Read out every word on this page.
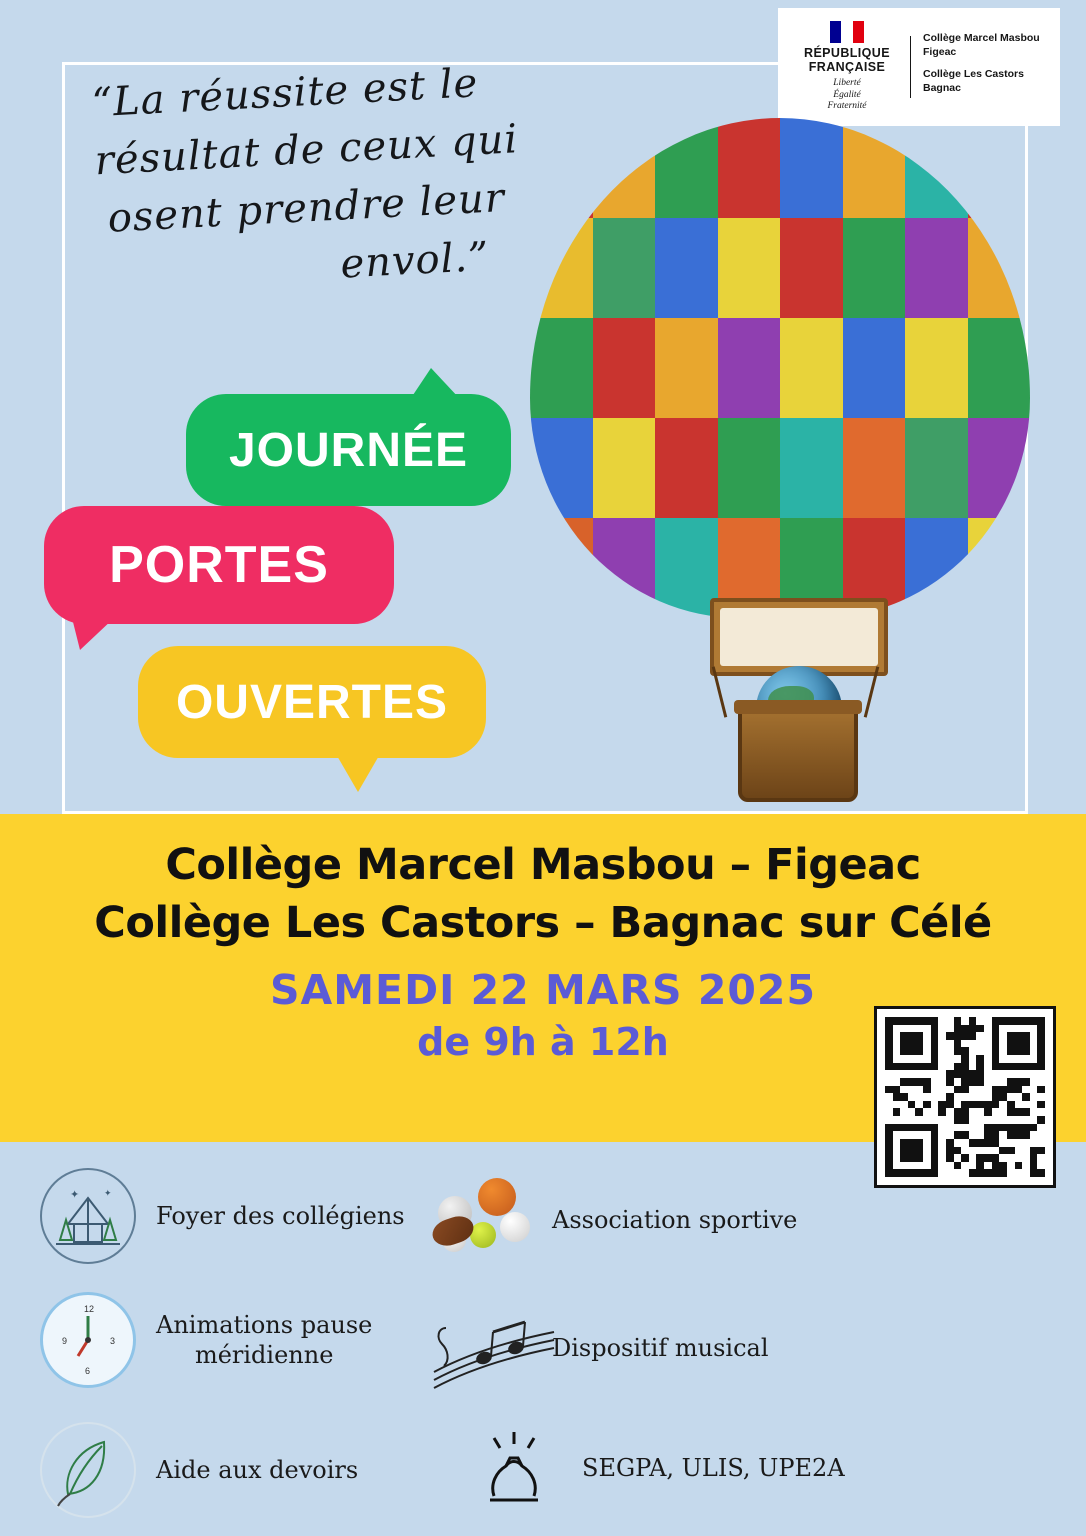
RÉPUBLIQUE
FRANÇAISE
Liberté
Égalité
Fraternité
Collège Marcel Masbou
Figeac
Collège Les Castors
Bagnac
“La réussite est le
résultat de ceux qui
osent prendre leur
envol.”
JOURNÉE
PORTES
OUVERTES
Collège Marcel Masbou – Figeac
Collège Les Castors – Bagnac sur Célé
SAMEDI 22 MARS 2025
de 9h à 12h
✦	✦
Foyer des collégiens	Association sportive
12
3
6
9
Animations pause
méridienne	Dispositif musical
Aide aux devoirs	SEGPA, ULIS, UPE2A
